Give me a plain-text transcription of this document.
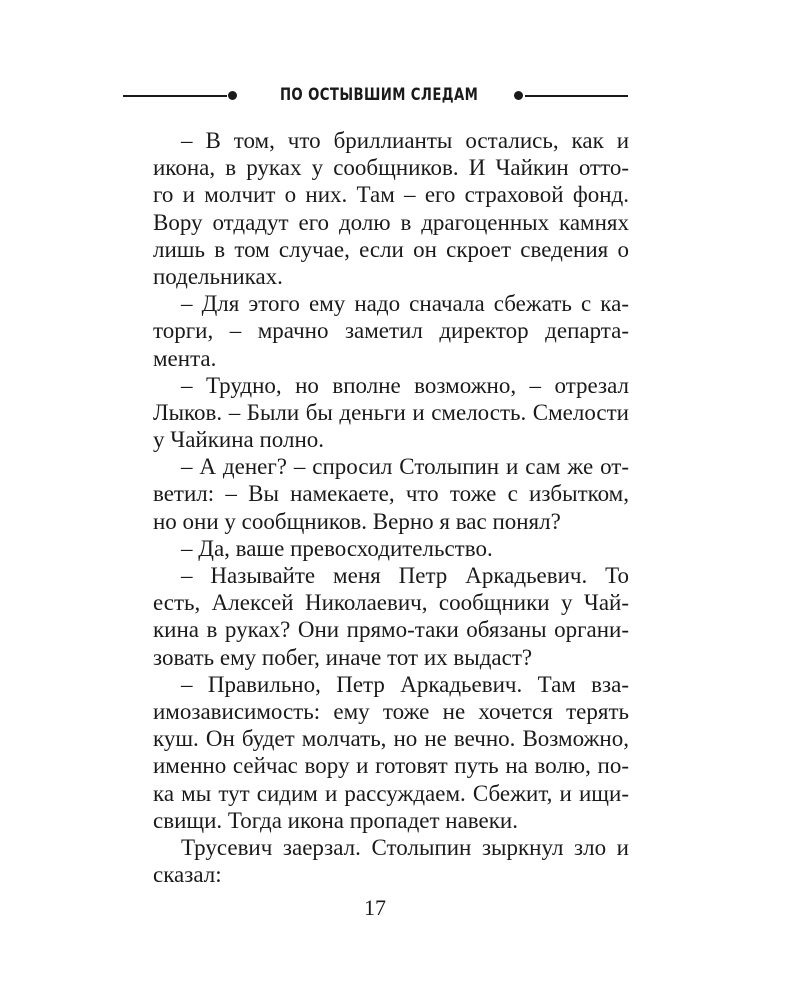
ПО ОСТЫВШИМ СЛЕДАМ
– В том, что бриллианты остались, как и
икона, в руках у сообщников. И Чайкин отто-
го и молчит о них. Там – его страховой фонд.
Вору отдадут его долю в драгоценных камнях
лишь в том случае, если он скроет сведения о
подельниках.
– Для этого ему надо сначала сбежать с ка-
торги, – мрачно заметил директор департа-
мента.
– Трудно, но вполне возможно, – отрезал
Лыков. – Были бы деньги и смелость. Смелости
у Чайкина полно.
– А денег? – спросил Столыпин и сам же от-
ветил: – Вы намекаете, что тоже с избытком,
но они у сообщников. Верно я вас понял?
– Да, ваше превосходительство.
– Называйте меня Петр Аркадьевич. То
есть, Алексей Николаевич, сообщники у Чай-
кина в руках? Они прямо-таки обязаны органи-
зовать ему побег, иначе тот их выдаст?
– Правильно, Петр Аркадьевич. Там вза-
имозависимость: ему тоже не хочется терять
куш. Он будет молчать, но не вечно. Возможно,
именно сейчас вору и готовят путь на волю, по-
ка мы тут сидим и рассуждаем. Сбежит, и ищи-
свищи. Тогда икона пропадет навеки.
Трусевич заерзал. Столыпин зыркнул зло и
сказал:
17
